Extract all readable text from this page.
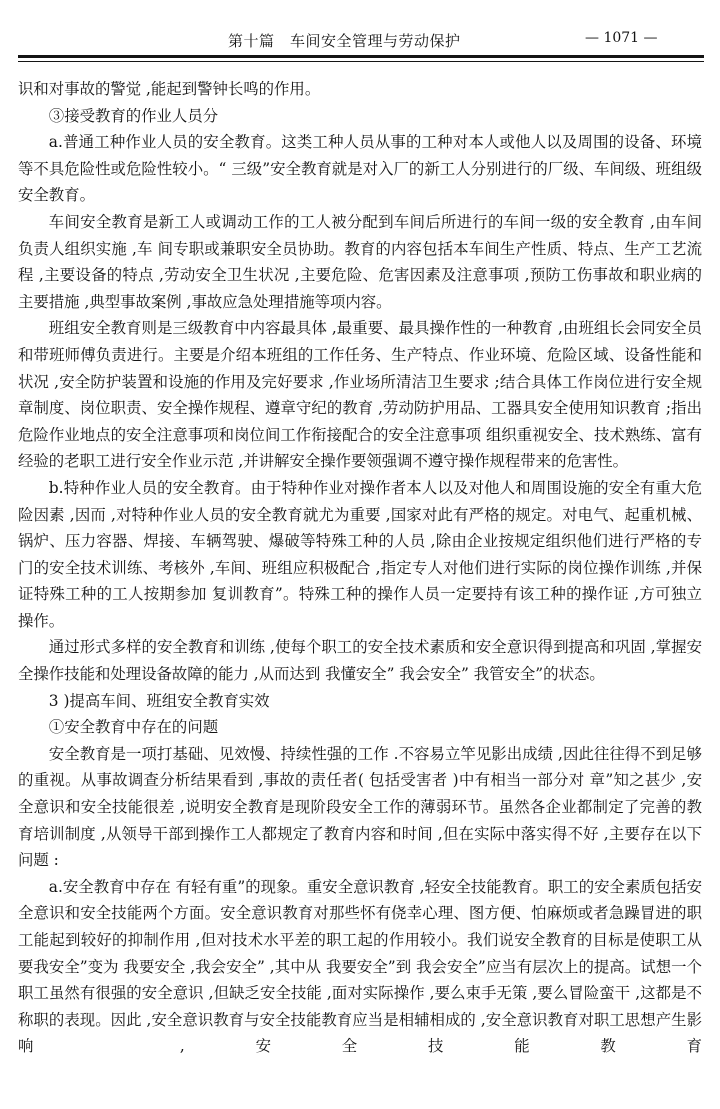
第十篇　车间安全管理与劳动保护	— 1071 —

识和对事故的警觉 ,能起到警钟长鸣的作用。

③接受教育的作业人员分

a.普通工种作业人员的安全教育。这类工种人员从事的工种对本人或他人以及周围的设备、环境等不具危险性或危险性较小。“ 三级”安全教育就是对入厂的新工人分别进行的厂级、车间级、班组级安全教育。

车间安全教育是新工人或调动工作的工人被分配到车间后所进行的车间一级的安全教育 ,由车间负责人组织实施 ,车 间专职或兼职安全员协助。教育的内容包括本车间生产性质、特点、生产工艺流程 ,主要设备的特点 ,劳动安全卫生状况 ,主要危险、危害因素及注意事项 ,预防工伤事故和职业病的主要措施 ,典型事故案例 ,事故应急处理措施等项内容。

班组安全教育则是三级教育中内容最具体 ,最重要、最具操作性的一种教育 ,由班组长会同安全员和带班师傅负责进行。主要是介绍本班组的工作任务、生产特点、作业环境、危险区域、设备性能和状况 ,安全防护装置和设施的作用及完好要求 ,作业场所清洁卫生要求 ;结合具体工作岗位进行安全规章制度、岗位职责、安全操作规程、遵章守纪的教育 ,劳动防护用品、工器具安全使用知识教育 ;指出危险作业地点的安全注意事项和岗位间工作衔接配合的安全注意事项 组织重视安全、技术熟练、富有经验的老职工进行安全作业示范 ,并讲解安全操作要领强调不遵守操作规程带来的危害性。

b.特种作业人员的安全教育。由于特种作业对操作者本人以及对他人和周围设施的安全有重大危险因素 ,因而 ,对特种作业人员的安全教育就尤为重要 ,国家对此有严格的规定。对电气、起重机械、锅炉、压力容器、焊接、车辆驾驶、爆破等特殊工种的人员 ,除由企业按规定组织他们进行严格的专门的安全技术训练、考核外 ,车间、班组应积极配合 ,指定专人对他们进行实际的岗位操作训练 ,并保证特殊工种的工人按期参加 复训教育”。特殊工种的操作人员一定要持有该工种的操作证 ,方可独立操作。

通过形式多样的安全教育和训练 ,使每个职工的安全技术素质和安全意识得到提高和巩固 ,掌握安全操作技能和处理设备故障的能力 ,从而达到 我懂安全” 我会安全” 我管安全”的状态。

3 )提高车间、班组安全教育实效

①安全教育中存在的问题

安全教育是一项打基础、见效慢、持续性强的工作 .不容易立竿见影出成绩 ,因此往往得不到足够的重视。从事故调查分析结果看到 ,事故的责任者( 包括受害者 )中有相当一部分对 章”知之甚少 ,安全意识和安全技能很差 ,说明安全教育是现阶段安全工作的薄弱环节。虽然各企业都制定了完善的教育培训制度 ,从领导干部到操作工人都规定了教育内容和时间 ,但在实际中落实得不好 ,主要存在以下问题 :

a.安全教育中存在 有轻有重”的现象。重安全意识教育 ,轻安全技能教育。职工的安全素质包括安全意识和安全技能两个方面。安全意识教育对那些怀有侥幸心理、图方便、怕麻烦或者急躁冒进的职工能起到较好的抑制作用 ,但对技术水平差的职工起的作用较小。我们说安全教育的目标是使职工从 要我安全”变为 我要安全 ,我会安全” ,其中从 我要安全”到 我会安全”应当有层次上的提高。试想一个职工虽然有很强的安全意识 ,但缺乏安全技能 ,面对实际操作 ,要么束手无策 ,要么冒险蛮干 ,这都是不称职的表现。因此 ,安全意识教育与安全技能教育应当是相辅相成的 ,安全意识教育对职工思想产生影响 ,安全技能教育
